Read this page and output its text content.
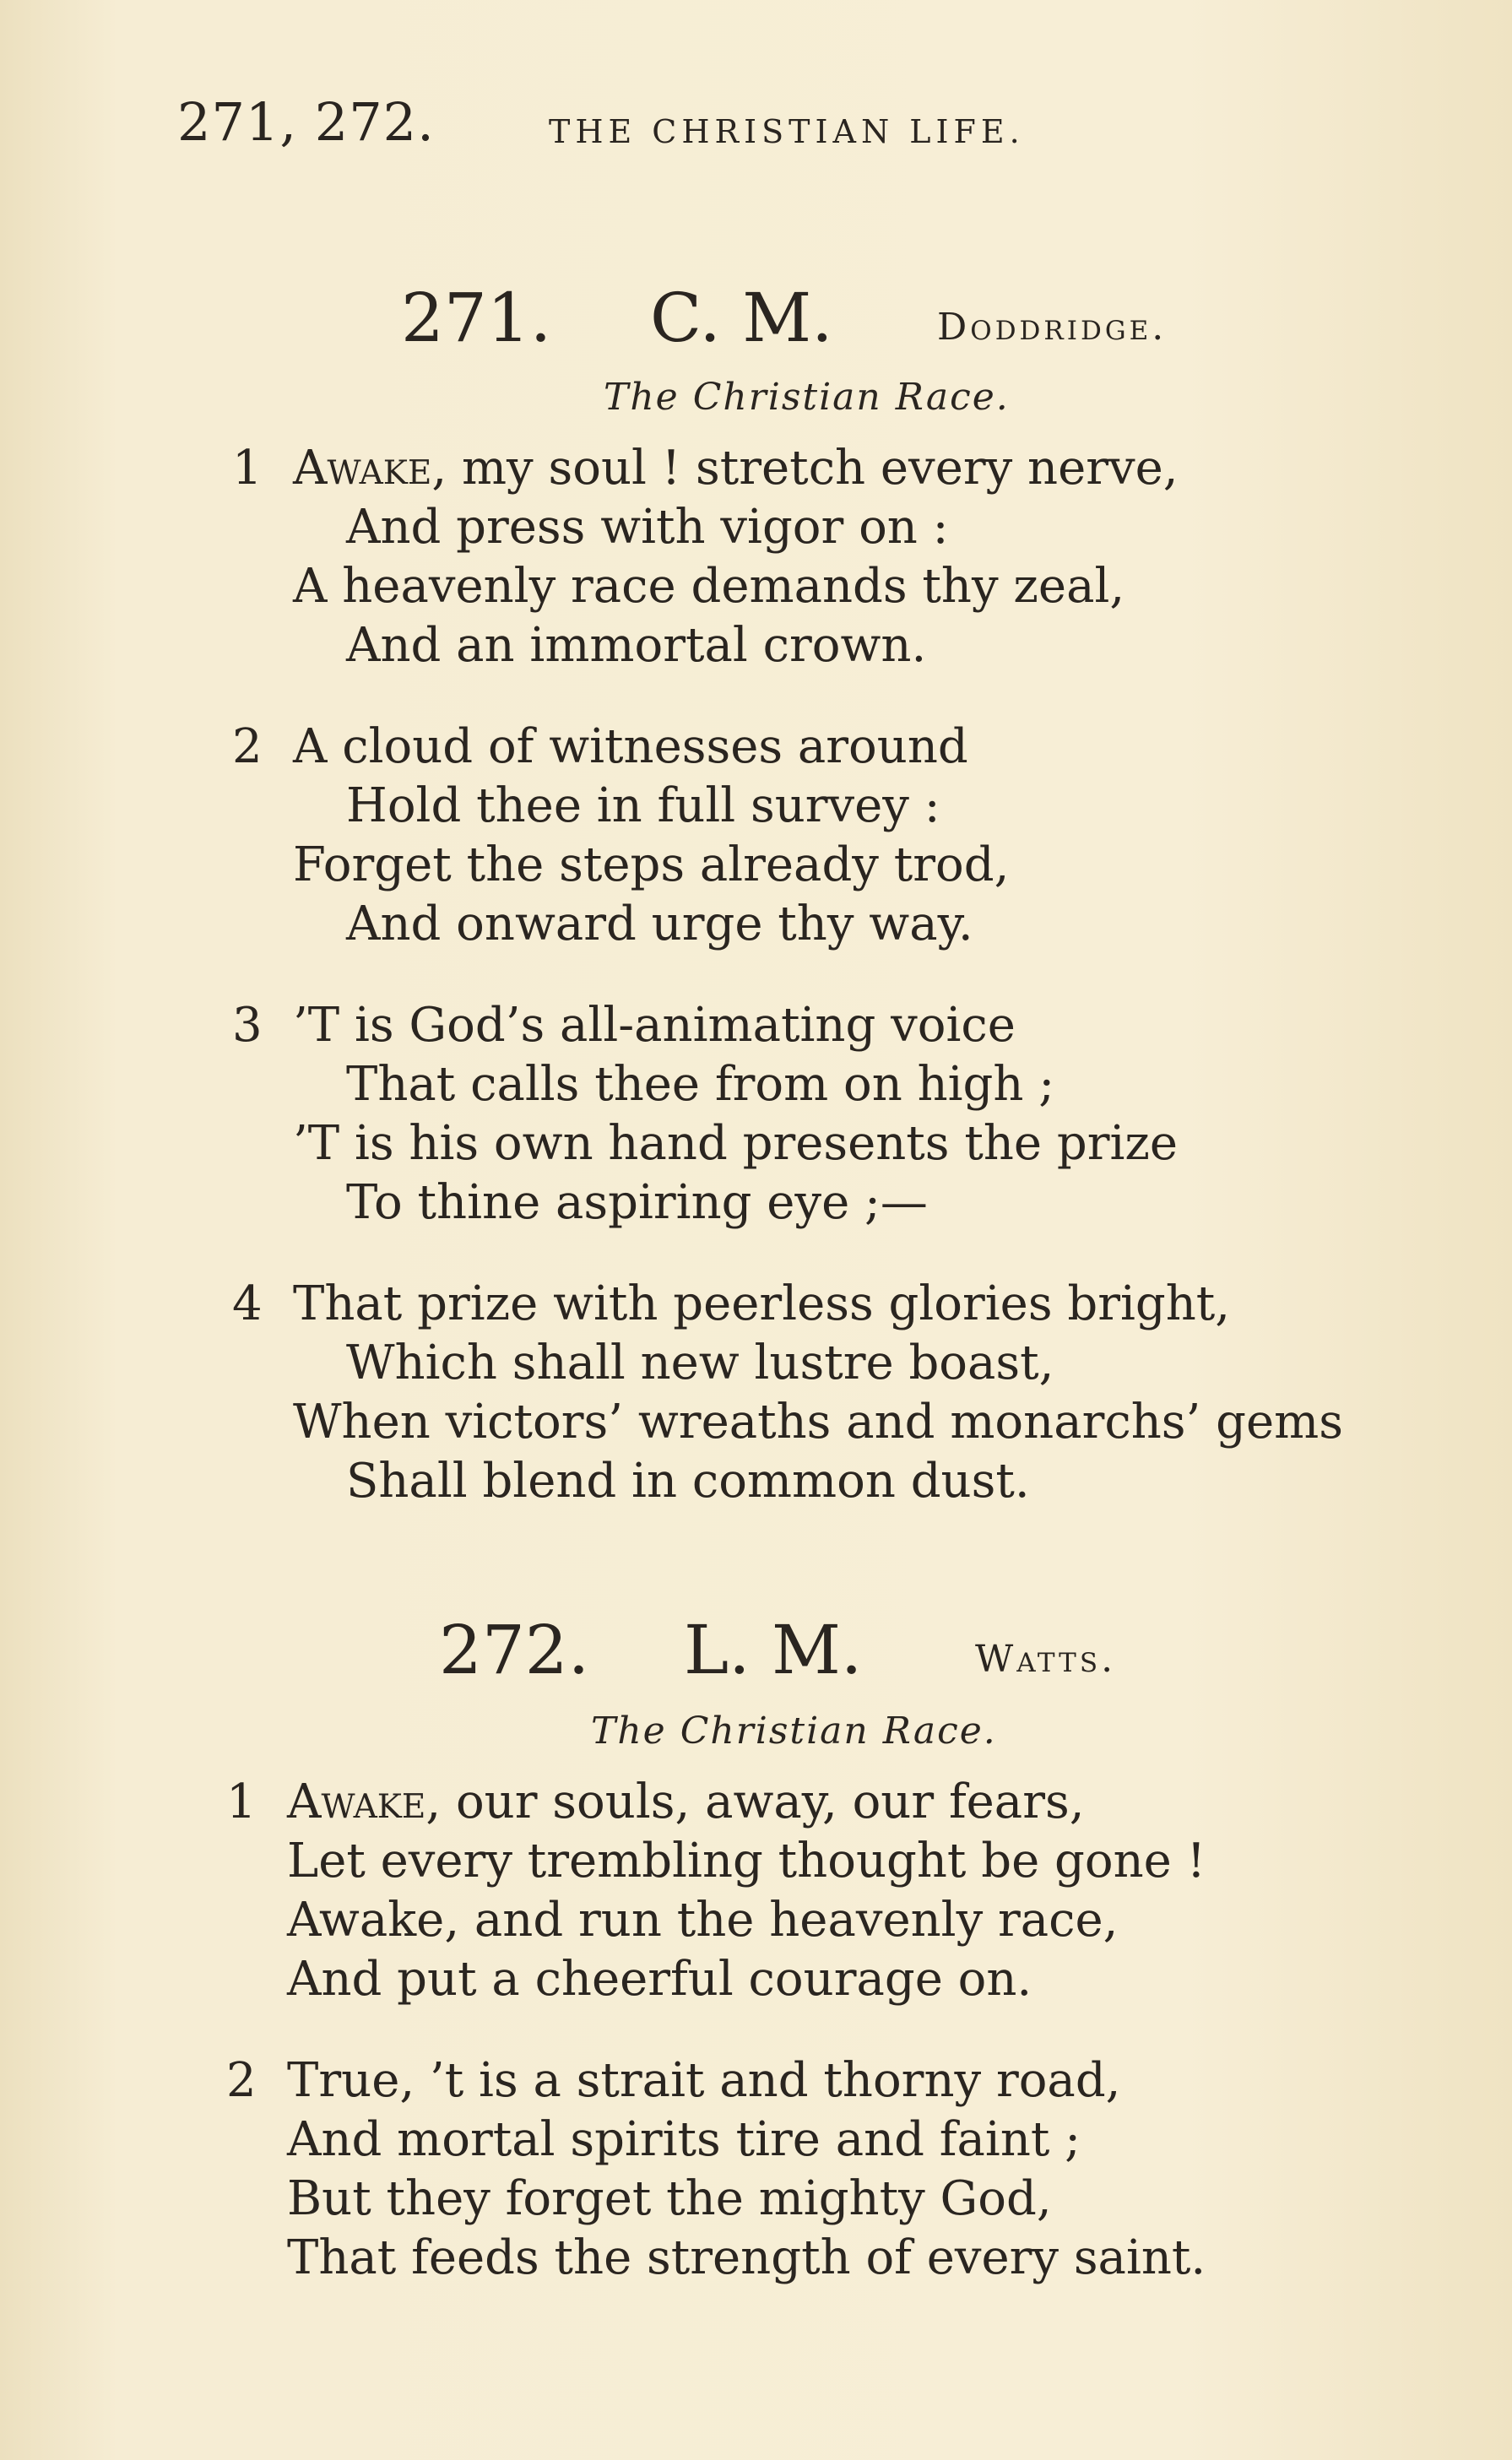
271, 272.	THE CHRISTIAN LIFE.
271. C. M.	Doddridge.
The Christian Race.
1 Awake, my soul ! stretch every nerve,
And press with vigor on :
A heavenly race demands thy zeal,
And an immortal crown.
2 A cloud of witnesses around
Hold thee in full survey :
Forget the steps already trod,
And onward urge thy way.
3 ’T is God’s all-animating voice
That calls thee from on high ;
’T is his own hand presents the prize
To thine aspiring eye ;—
4 That prize with peerless glories bright,
Which shall new lustre boast,
When victors’ wreaths and monarchs’ gems
Shall blend in common dust.
272. L. M.	Watts.
The Christian Race.
1 Awake, our souls, away, our fears,
Let every trembling thought be gone !
Awake, and run the heavenly race,
And put a cheerful courage on.
2 True, ’t is a strait and thorny road,
And mortal spirits tire and faint ;
But they forget the mighty God,
That feeds the strength of every saint.
